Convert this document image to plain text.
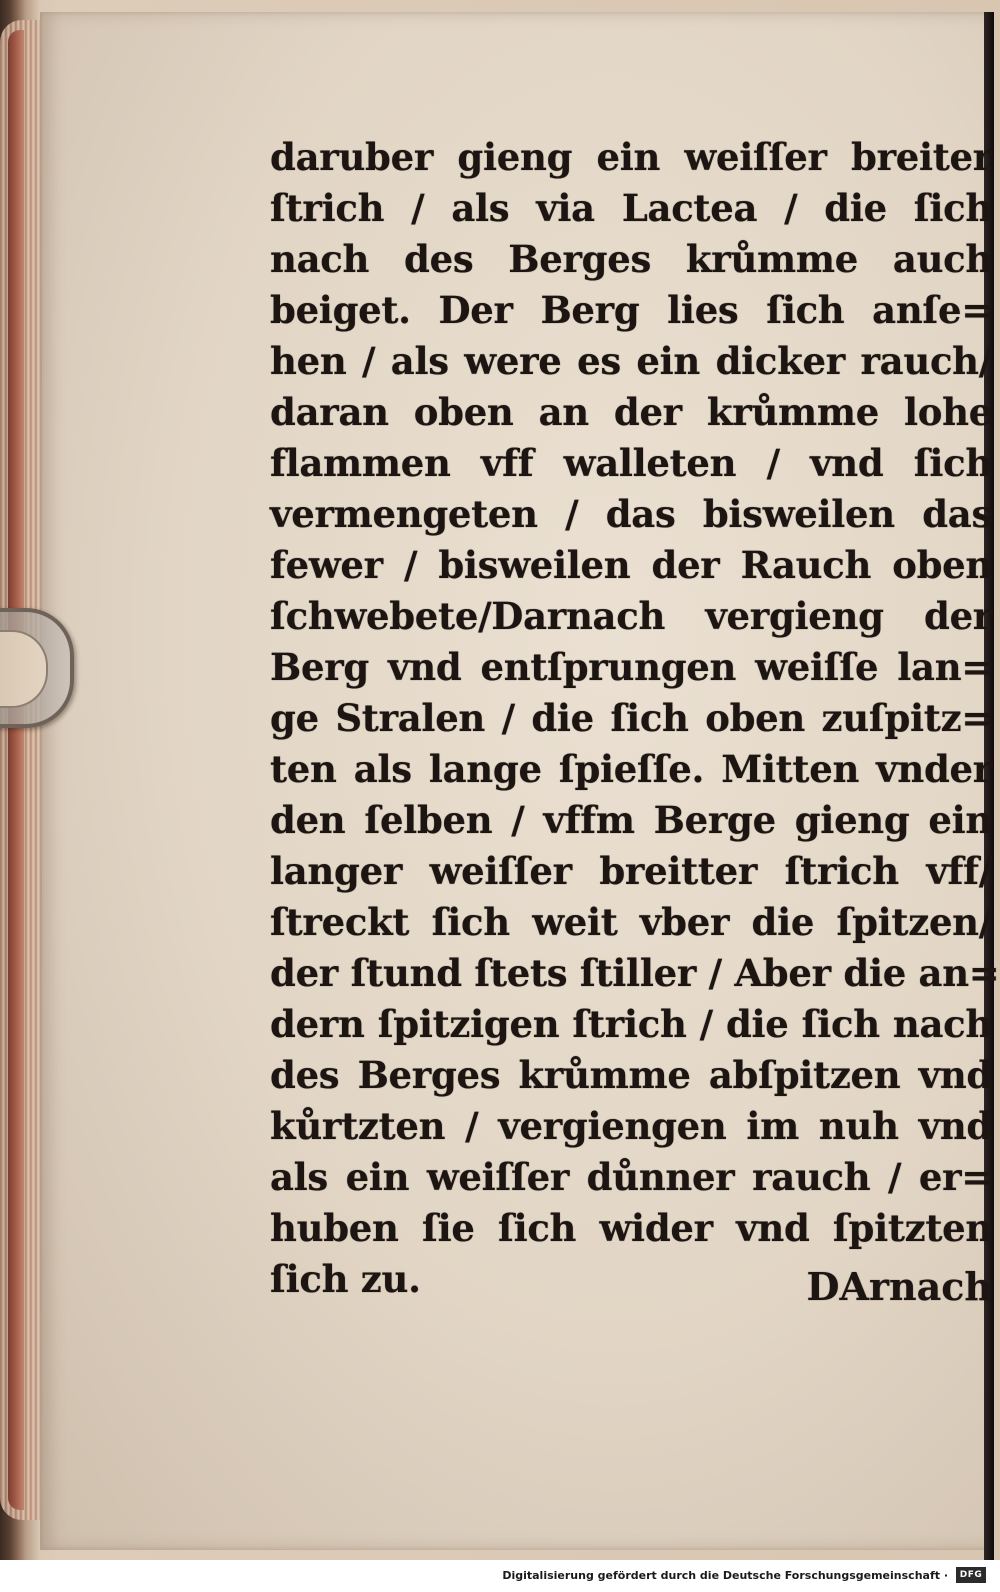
daruber gieng ein weiſſer breiter
ſtrich / als via Lactea / die ſich
nach des Berges krůmme auch
beiget. Der Berg lies ſich anſe=
hen / als were es ein dicker rauch/
daran oben an der krůmme lohe
flammen vff walleten / vnd ſich
vermengeten / das bisweilen das
fewer / bisweilen der Rauch oben
ſchwebete/Darnach vergieng der
Berg vnd entſprungen weiſſe lan=
ge Stralen / die ſich oben zuſpitz=
ten als lange ſpieſſe. Mitten vnder
den ſelben / vffm Berge gieng ein
langer weiſſer breitter ſtrich vff/
ſtreckt ſich weit vber die ſpitzen/
der ſtund ſtets ſtiller / Aber die an=
dern ſpitzigen ſtrich / die ſich nach
des Berges krůmme abſpitzen vnd
kůrtzten / vergiengen im nuh vnd
als ein weiſſer důnner rauch / er=
huben ſie ſich wider vnd ſpitzten
ſich zu.	DArnach
Digitalisierung gefördert durch die Deutsche Forschungsgemeinschaft ·	DFG
